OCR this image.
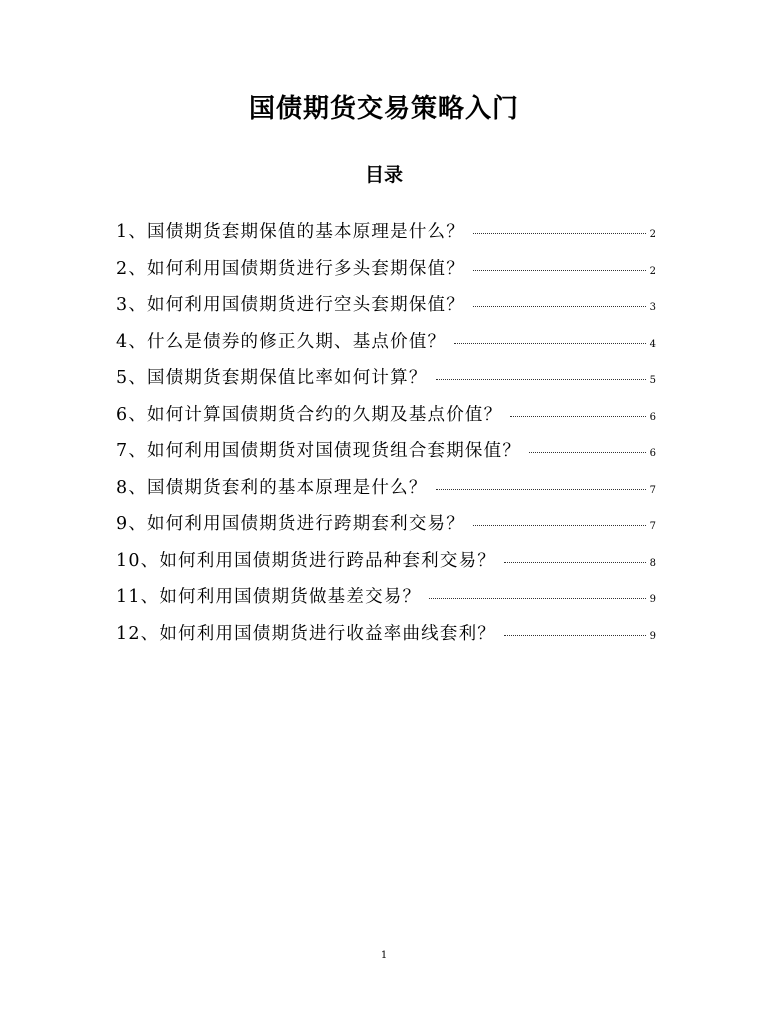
国债期货交易策略入门
目录
1、国债期货套期保值的基本原理是什么？	2
2、如何利用国债期货进行多头套期保值？	2
3、如何利用国债期货进行空头套期保值？	3
4、什么是债券的修正久期、基点价值？	4
5、国债期货套期保值比率如何计算？	5
6、如何计算国债期货合约的久期及基点价值？	6
7、如何利用国债期货对国债现货组合套期保值？	6
8、国债期货套利的基本原理是什么？	7
9、如何利用国债期货进行跨期套利交易？	7
10、如何利用国债期货进行跨品种套利交易？	8
11、如何利用国债期货做基差交易？	9
12、如何利用国债期货进行收益率曲线套利？	9
1
